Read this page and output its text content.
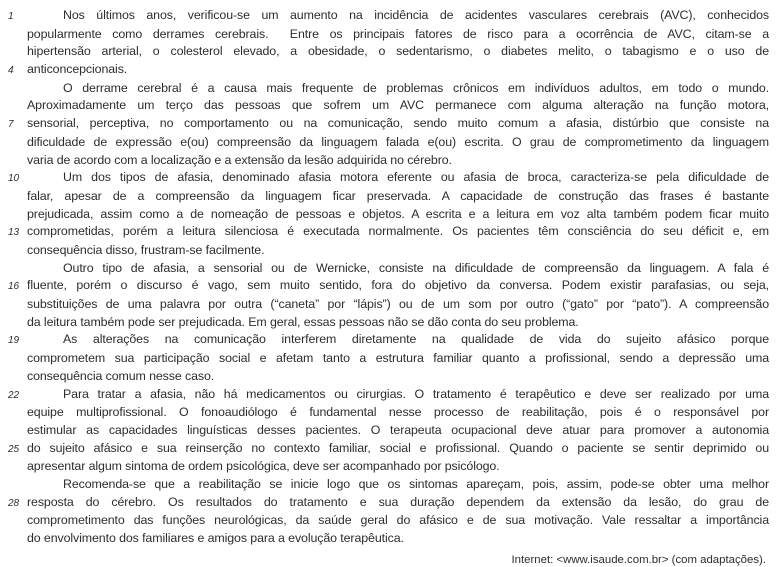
1	Nos últimos anos, verificou-se um aumento na incidência de acidentes vasculares cerebrais (AVC), conhecidos
popularmente como derrames cerebrais.  Entre os principais fatores de risco para a ocorrência de AVC, citam-se a
hipertensão arterial, o colesterol elevado, a obesidade, o sedentarismo, o diabetes melito, o tabagismo e o uso de
4	anticoncepcionais.
O derrame cerebral é a causa mais frequente de problemas crônicos em indivíduos adultos, em todo o mundo.
Aproximadamente um terço das pessoas que sofrem um AVC permanece com alguma alteração na função motora,
7	sensorial, perceptiva, no comportamento ou na comunicação, sendo muito comum a afasia, distúrbio que consiste na
dificuldade de expressão e(ou) compreensão da linguagem falada e(ou) escrita. O grau de comprometimento da linguagem
varia de acordo com a localização e a extensão da lesão adquirida no cérebro.
10	Um dos tipos de afasia, denominado afasia motora eferente ou afasia de broca, caracteriza-se pela dificuldade de
falar, apesar de a compreensão da linguagem ficar preservada. A capacidade de construção das frases é bastante
prejudicada, assim como a de nomeação de pessoas e objetos. A escrita e a leitura em voz alta também podem ficar muito
13 comprometidas, porém a leitura silenciosa é executada normalmente. Os pacientes têm consciência do seu déficit e, em
consequência disso, frustram-se facilmente.
Outro tipo de afasia, a sensorial ou de Wernicke, consiste na dificuldade de compreensão da linguagem. A fala é
16 fluente, porém o discurso é vago, sem muito sentido, fora do objetivo da conversa. Podem existir parafasias, ou seja,
substituições de uma palavra por outra (“caneta” por “lápis”) ou de um som por outro (“gato” por “pato”). A compreensão
da leitura também pode ser prejudicada. Em geral, essas pessoas não se dão conta do seu problema.
19	As alterações na comunicação interferem diretamente na qualidade de vida do sujeito afásico porque
comprometem sua participação social e afetam tanto a estrutura familiar quanto a profissional, sendo a depressão uma
consequência comum nesse caso.
22	Para tratar a afasia, não há medicamentos ou cirurgias. O tratamento é terapêutico e deve ser realizado por uma
equipe multiprofissional. O fonoaudiólogo é fundamental nesse processo de reabilitação, pois é o responsável por
estimular as capacidades linguísticas desses pacientes. O terapeuta ocupacional deve atuar para promover a autonomia
25 do sujeito afásico e sua reinserção no contexto familiar, social e profissional. Quando o paciente se sentir deprimido ou
apresentar algum sintoma de ordem psicológica, deve ser acompanhado por psicólogo.
Recomenda-se que a reabilitação se inicie logo que os sintomas apareçam, pois, assim, pode-se obter uma melhor
28 resposta do cérebro. Os resultados do tratamento e sua duração dependem da extensão da lesão, do grau de
comprometimento das funções neurológicas, da saúde geral do afásico e de sua motivação. Vale ressaltar a importância
do envolvimento dos familiares e amigos para a evolução terapêutica.
Internet: <www.isaude.com.br> (com adaptações).
